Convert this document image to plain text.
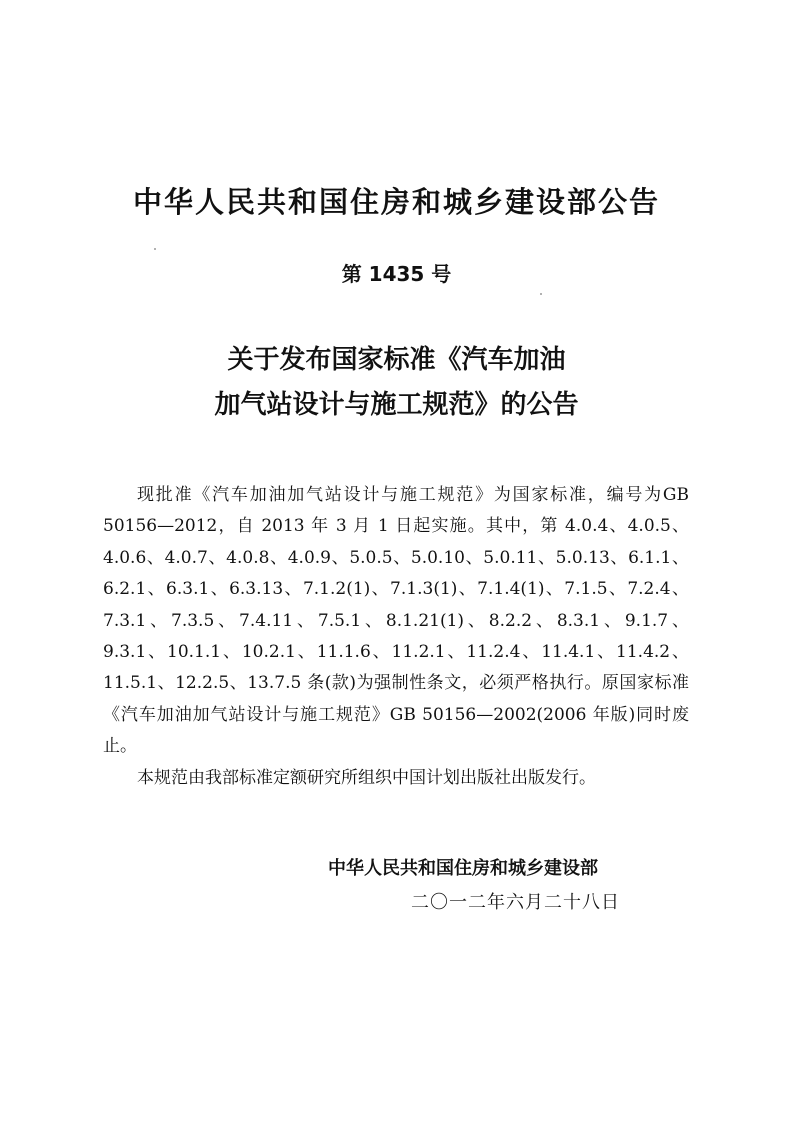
中华人民共和国住房和城乡建设部公告
第 1435 号
关于发布国家标准《汽车加油
加气站设计与施工规范》的公告

现批准《汽车加油加气站设计与施工规范》为国家标准，编号为GB 50156—2012，自 2013 年 3 月 1 日起实施。其中，第 4.0.4、4.0.5、4.0.6、4.0.7、4.0.8、4.0.9、5.0.5、5.0.10、5.0.11、5.0.13、6.1.1、6.2.1、6.3.1、6.3.13、7.1.2(1)、7.1.3(1)、7.1.4(1)、7.1.5、7.2.4、7.3.1、7.3.5、7.4.11、7.5.1、8.1.21(1)、8.2.2、8.3.1、9.1.7、9.3.1、10.1.1、10.2.1、11.1.6、11.2.1、11.2.4、11.4.1、11.4.2、11.5.1、12.2.5、13.7.5 条(款)为强制性条文，必须严格执行。原国家标准《汽车加油加气站设计与施工规范》GB 50156—2002(2006 年版)同时废止。

本规范由我部标准定额研究所组织中国计划出版社出版发行。

中华人民共和国住房和城乡建设部
二〇一二年六月二十八日
